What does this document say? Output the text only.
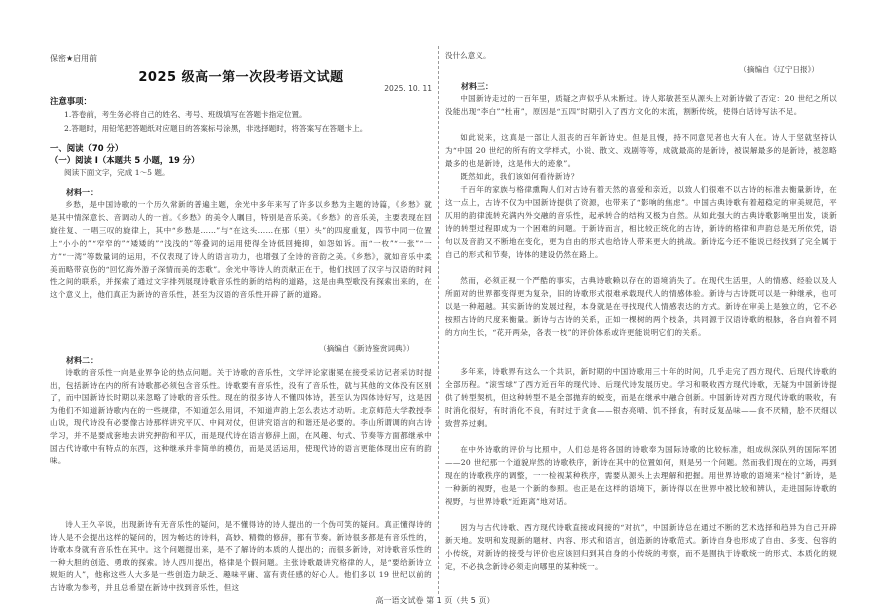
保密★启用前
2025 级高一第一次段考语文试题
2025. 10. 11
注意事项：
1.答卷前，考生务必将自己的姓名、考号、班级填写在答题卡指定位置。
2.答题时，用铅笔把答题纸对应题目的答案标号涂黑，非选择题时，将答案写在答题卡上。
一、阅读（70 分）
（一）阅读 I（本题共 5 小题，19 分）
阅读下面文字，完成 1～5 题。
材料一：
乡愁，是中国诗歌的一个历久常新的普遍主题，余光中多年来写了许多以乡愁为主题的诗篇，《乡愁》就是其中情深意长、音调动人的一首。《乡愁》的美令人瞩目，特别是音乐美。《乡愁》的音乐美，主要表现在回旋往复、一唱三叹的旋律上，其中“乡愁是……”与“在这头……在那（里）头”的四度重复，四节中同一位置上“小小的”“窄窄的”“矮矮的”“浅浅的”等叠词的运用使得全诗低回掩抑，如怨如诉。而“一枚”“一张”“一方”“一湾”等数量词的运用，不仅表现了诗人的语言功力，也增强了全诗的音韵之美。《乡愁》，就如音乐中柔美而略带哀伤的“回忆海外游子深情而美的恋歌”。余光中等诗人的贡献正在于，他们找回了汉字与汉语的时间性之间的联系，并探索了通过文字排列展现诗歌音乐性的新的结构的道路，这是由典型歌没有探索出来的，在这个意义上，他们真正为新诗的音乐性，甚至为汉语的音乐性开辟了新的道路。
（摘编自《新诗鉴赏词典》）
材料二：
诗歌的音乐性一向是业界争论的热点问题。关于诗歌的音乐性，文学评论家谢冕在接受采访记者采访时提出，包括新诗在内的所有诗歌都必须包含音乐性。诗歌要有音乐性，没有了音乐性，就与其他的文体没有区别了，而中国新诗长时期以来忽略了诗歌的音乐性。现在的很多诗人不懂四体诗，甚至认为四体诗好写，这是因为他们不知道新诗歌内在的一些规律，不知道怎么用词，不知道声韵上怎么表达才动听。北京师范大学教授李山说，现代诗没有必要像古诗那样讲究平仄、中间对仗，但讲究语言的和谐还是必要的。李山所谓调的向古诗学习，并不是要成套地去讲究押韵和平仄，而是现代诗在语言修辞上面，在风趣、句式、节奏等方面都继承中国古代诗歌中有特点的东西，这种继承并非简单的模仿，而是灵活运用，使现代诗的语言更能体现出应有的韵味。
诗人王久辛说，出现新诗有无音乐性的疑问，是不懂得诗的诗人提出的一个伪可笑的疑问。真正懂得诗的诗人是不会提出这样的疑问的，因为畅达的诗料，高妙、精微的修辞，都有节奏。新诗很多都是有音乐性的，诗歌本身就有音乐性在其中。这个问题提出来，是不了解诗的本质的人提出的；而很多新诗，对诗歌音乐性的一种大胆的创造、勇敢的探索。诗人西川提出，格律是个假问题。主张诗歌最讲究格律的人，是“要给新诗立规矩的人”，他称这些人大多是一些创造力缺乏、趣味平庸、富有责任感的好心人。他们多以 19 世纪以前的古诗歌为参考，并且总希望在新诗中找到音乐性，但这
没什么意义。
（摘编自《辽宁日报》）
材料三：
中国新诗走过的一百年里，质疑之声似乎从未断过。诗人郑敏甚至从源头上对新诗做了否定：20 世纪之所以没能出现“李白”“杜甫”，原因是“五四”时期引入了西方文化的末流，割断传统，使得白话诗写法不足。
如此说来，这真是一部让人沮丧的百年新诗史。但是且慢，持不同意见者也大有人在。诗人于坚就坚持认为“中国 20 世纪的所有的文学样式，小说、散文、戏剧等等，成就最高的是新诗，被误解最多的是新诗，被忽略最多的也是新诗，这是伟大的迹象”。
既然如此，我们该如何看待新诗？
千百年的家族与格律熏陶人们对古诗有着天然的喜爱和亲近，以致人们很难不以古诗的标准去衡量新诗，在这一点上，古诗不仅为中国新诗提供了资源，也带来了“影响的焦虑”。中国古典诗歌有着超稳定的审美规范，平仄用的韵律流转充满内外交融的音乐性，起承转合的结构又极为自然。从如此强大的古典诗歌影响里出发，谈新诗的转型过程即成为一个困难的问题。于新诗而言，相比较正统化的古诗，新诗的格律和声韵总是无所依凭，语句以及音韵又不断地在变化，更为自由的形式也给诗人带来更大的挑战。新诗迄今还不能说已经找到了完全属于自己的形式和节奏，诗体的建设仍然在路上。
然而，必须正视一个严酷的事实，古典诗歌赖以存在的语境消失了。在现代生活里，人的情感、经验以及人所面对的世界都变得更为复杂，旧的诗歌形式很难承载现代人的情感体验。新诗与古诗既可以是一种继承，也可以是一种超越。其实新诗的发展过程，本身就是在寻找现代人情感表达的方式。新诗在审美上是独立的，它不必按照古诗的尺度来衡量。新诗与古诗的关系，正如一棵树的两个枝条，共同源于汉语诗歌的根脉，各自向着不同的方向生长，“花开两朵，各表一枝”的评价体系或许更能说明它们的关系。
多年来，诗歌界有这么一个共识，新时期的中国诗歌用三十年的时间，几乎走完了西方现代、后现代诗歌的全部历程。“滚雪球”了西方近百年的现代诗、后现代诗发展历史。学习和吸收西方现代诗歌，无疑为中国新诗提供了转型契机，但这种转型不是全部抛弃的蜕变，而是在继承中融合创新。中国新诗对西方现代诗歌的吸收，有时消化很好，有时消化不良，有时过于贪食——银杏亮晴、饥不择食，有时反复品味——食不厌精，脍不厌细以致营养过剩。
在中外诗歌的评价与比照中，人们总是将各国的诗歌奉为国际诗歌的比较标准，组成纵深队列的国际军团——20 世纪那一个道貌岸然的诗歌秩序，新诗在其中的位置如何，则是另一个问题。然而我们现在的立场，再到现在的诗歌秩序的调整，一一检视某种秩序，需要从源头上去理解和把握。用世界诗歌的语境来“检讨”新诗，是一种新的视野，也是一个新的参照。也正是在这样的语境下，新诗得以在世界中被比较和辨认，走进国际诗歌的视野，与世界诗歌“近距离”地对话。
因为与古代诗歌、西方现代诗歌直接或间接的“对抗”，中国新诗总在通过不断的艺术选择和趋异为自己开辟新天地。发明和发现新的题材、内容、形式和语言，创造新的诗歌范式。新诗自身也形成了自由、多变、包容的小传统，对新诗的接受与评价也应该回归到其自身的小传统的考察，而不是囿执于诗歌统一的形式、本质化的规定，不必执念新诗必须走向哪里的某种统一。
高一语文试卷 第 1 页（共 5 页）
